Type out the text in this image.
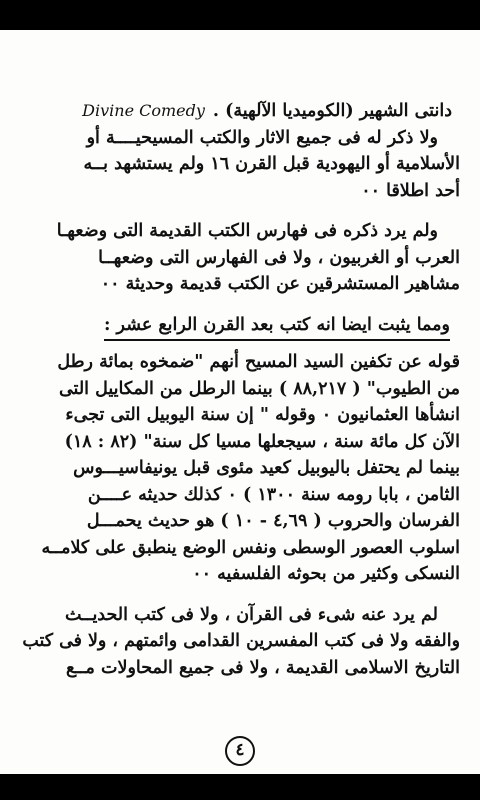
دانتى الشهير (الكوميديا الآلهية) .
Divine Comedy
ولا ذكر له فى جميع الاثار والكتب المسيحيــــة أو
الأسلامية أو اليهودية قبل القرن ١٦ ولم يستشهد بــه
أحد اطلاقا ٠٠
ولم يرد ذكره فى فهارس الكتب القديمة التى وضعهـا
العرب أو الغربيون ، ولا فى الفهارس التى وضعهــا
مشاهير المستشرقين عن الكتب قديمة وحديثة ٠٠
ومما يثبت ايضا انه كتب بعد القرن الرابع عشر :
قوله عن تكفين السيد المسيح أنهم "ضمخوه بمائة رطل
من الطيوب" ( ٨٨,٢١٧ ) بينما الرطل من المكاييل التى
انشأها العثمانيون ٠ وقوله " إن سنة اليوبيل التى تجىء
الآن كل مائة سنة ، سيجعلها مسيا كل سنة" (٨٢ : ١٨)
بينما لم يحتفل باليوبيل كعيد مئوى قبل يونيفاسيـــوس
الثامن ، بابا رومه سنة ١٣٠٠ ) ٠ كذلك حديثه عــــن
الفرسان والحروب ( ٤,٦٩ - ١٠ ) هو حديث يحمـــل
اسلوب العصور الوسطى ونفس الوضع ينطبق على كلامــه
النسكى وكثير من بحوثه الفلسفيه ٠٠
لم يرد عنه شىء فى القرآن ، ولا فى كتب الحديــث
والفقه ولا فى كتب المفسرين القدامى وائمتهم ، ولا فى كتب
التاريخ الاسلامى القديمة ، ولا فى جميع المحاولات مــع
٤
